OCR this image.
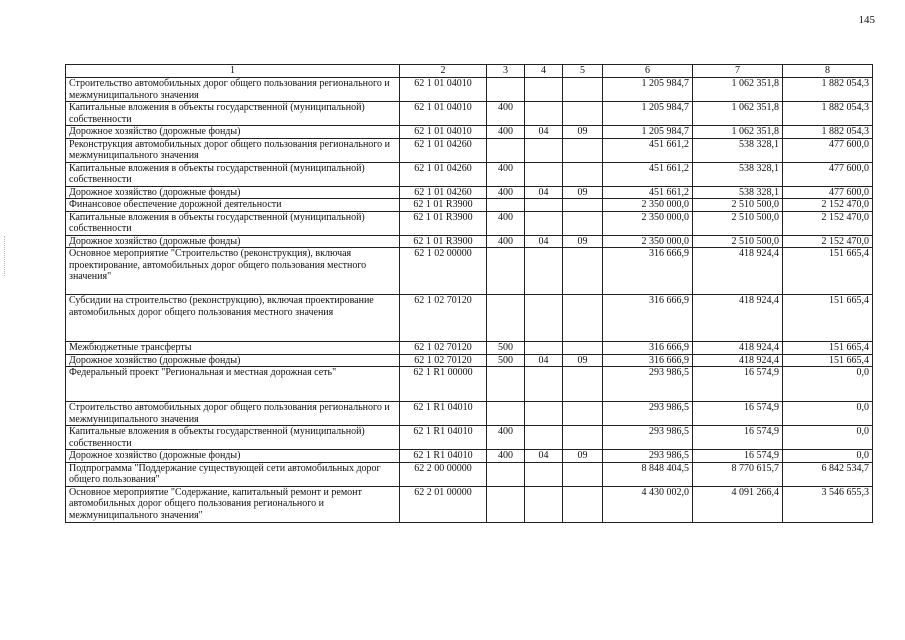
145
1	2	3	4	5	6	7	8
Строительство автомобильных дорог общего пользования регионального и межмуниципального значения	62 1 01 04010				1 205 984,7	1 062 351,8	1 882 054,3
Капитальные вложения в объекты государственной (муниципальной) собственности	62 1 01 04010	400			1 205 984,7	1 062 351,8	1 882 054,3
Дорожное хозяйство (дорожные фонды)	62 1 01 04010	400	04	09	1 205 984,7	1 062 351,8	1 882 054,3
Реконструкция автомобильных дорог общего пользования регионального и межмуниципального значения	62 1 01 04260				451 661,2	538 328,1	477 600,0
Капитальные вложения в объекты государственной (муниципальной) собственности	62 1 01 04260	400			451 661,2	538 328,1	477 600,0
Дорожное хозяйство (дорожные фонды)	62 1 01 04260	400	04	09	451 661,2	538 328,1	477 600,0
Финансовое обеспечение дорожной деятельности	62 1 01 R3900				2 350 000,0	2 510 500,0	2 152 470,0
Капитальные вложения в объекты государственной (муниципальной) собственности	62 1 01 R3900	400			2 350 000,0	2 510 500,0	2 152 470,0
Дорожное хозяйство (дорожные фонды)	62 1 01 R3900	400	04	09	2 350 000,0	2 510 500,0	2 152 470,0
Основное мероприятие "Строительство (реконструкция), включая проектирование, автомобильных дорог общего пользования местного значения"	62 1 02 00000				316 666,9	418 924,4	151 665,4
Субсидии на строительство (реконструкцию), включая проектирование автомобильных дорог общего пользования местного значения	62 1 02 70120				316 666,9	418 924,4	151 665,4
Межбюджетные трансферты	62 1 02 70120	500			316 666,9	418 924,4	151 665,4
Дорожное хозяйство (дорожные фонды)	62 1 02 70120	500	04	09	316 666,9	418 924,4	151 665,4
Федеральный проект "Региональная и местная дорожная сеть"	62 1 R1 00000				293 986,5	16 574,9	0,0
Строительство автомобильных дорог общего пользования регионального и межмуниципального значения	62 1 R1 04010				293 986,5	16 574,9	0,0
Капитальные вложения в объекты государственной (муниципальной) собственности	62 1 R1 04010	400			293 986,5	16 574,9	0,0
Дорожное хозяйство (дорожные фонды)	62 1 R1 04010	400	04	09	293 986,5	16 574,9	0,0
Подпрограмма "Поддержание существующей сети автомобильных дорог общего пользования"	62 2 00 00000				8 848 404,5	8 770 615,7	6 842 534,7
Основное мероприятие "Содержание, капитальный ремонт и ремонт автомобильных дорог общего пользования регионального и межмуниципального значения"	62 2 01 00000				4 430 002,0	4 091 266,4	3 546 655,3
